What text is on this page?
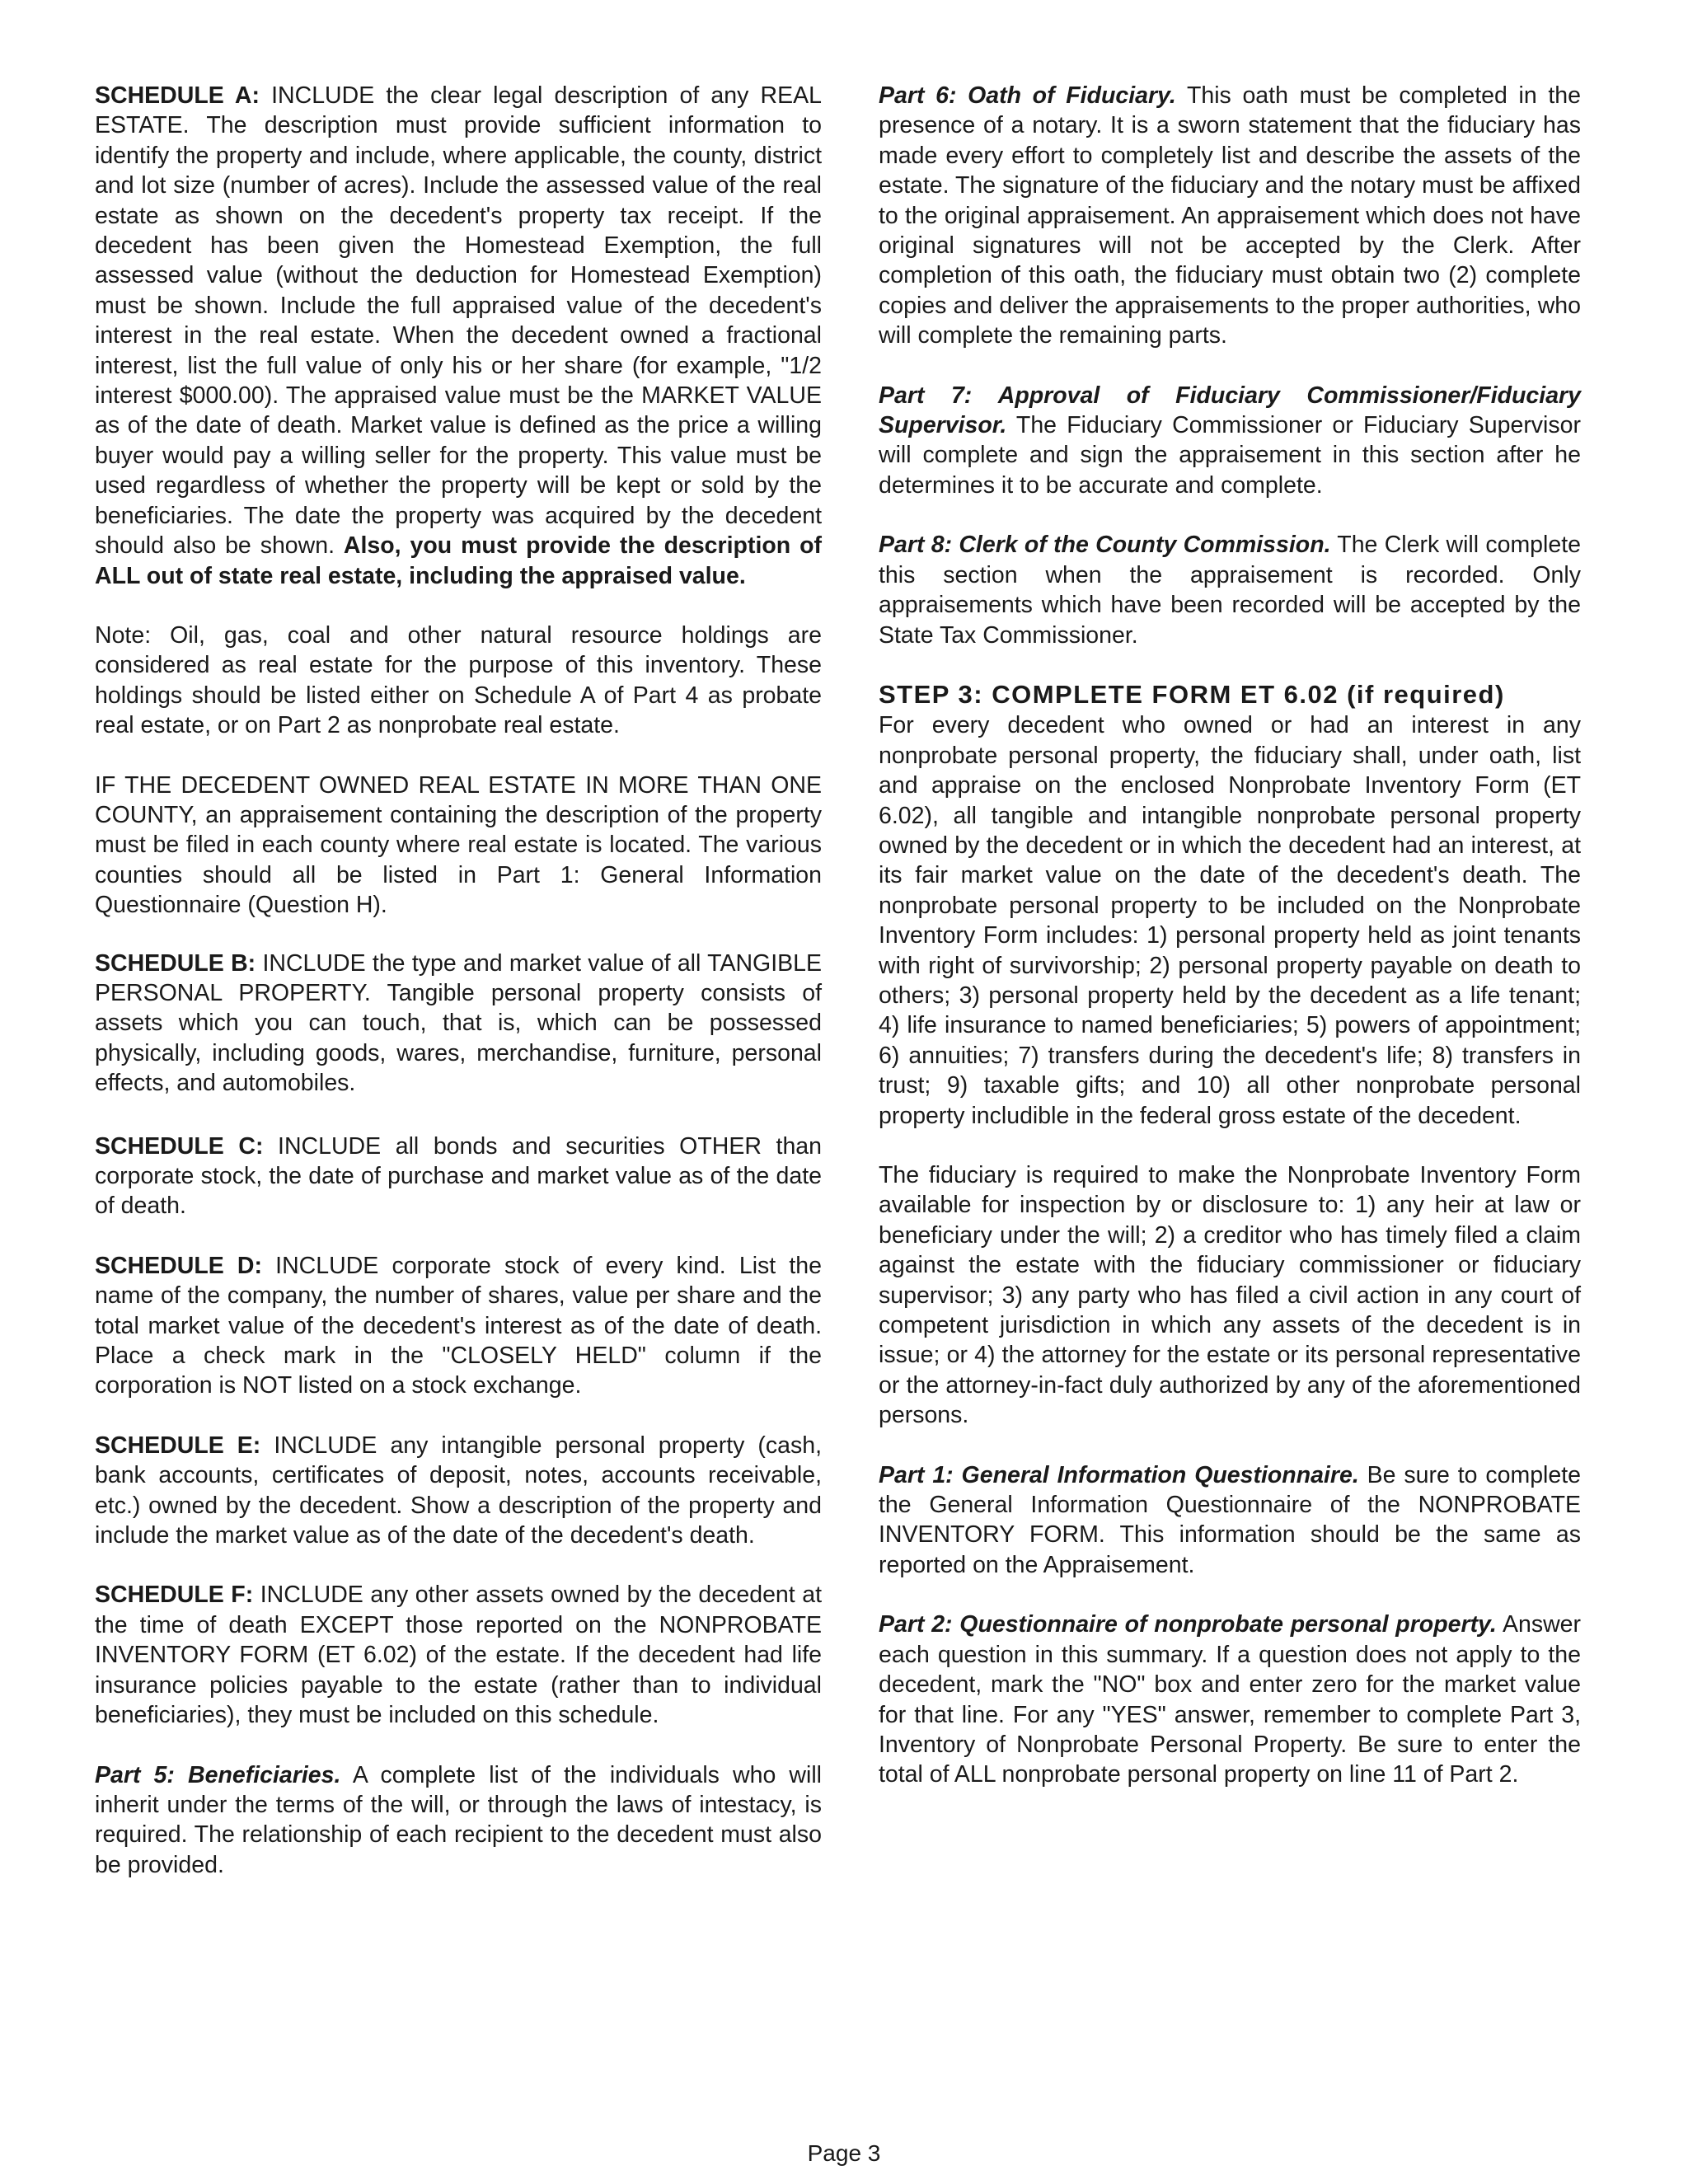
SCHEDULE A: INCLUDE the clear legal description of any REAL ESTATE. The description must provide sufficient information to identify the property and include, where applicable, the county, district and lot size (number of acres). Include the assessed value of the real estate as shown on the decedent's property tax receipt. If the decedent has been given the Homestead Exemption, the full assessed value (without the deduction for Homestead Exemption) must be shown. Include the full appraised value of the decedent's interest in the real estate. When the decedent owned a fractional interest, list the full value of only his or her share (for example, "1/2 interest $000.00). The appraised value must be the MARKET VALUE as of the date of death. Market value is defined as the price a willing buyer would pay a willing seller for the property. This value must be used regardless of whether the property will be kept or sold by the beneficiaries. The date the property was acquired by the decedent should also be shown. Also, you must provide the description of ALL out of state real estate, including the appraised value.

Note: Oil, gas, coal and other natural resource holdings are considered as real estate for the purpose of this inventory. These holdings should be listed either on Schedule A of Part 4 as probate real estate, or on Part 2 as nonprobate real estate.

IF THE DECEDENT OWNED REAL ESTATE IN MORE THAN ONE COUNTY, an appraisement containing the description of the property must be filed in each county where real estate is located. The various counties should all be listed in Part 1: General Information Questionnaire (Question H).

SCHEDULE B: INCLUDE the type and market value of all TANGIBLE PERSONAL PROPERTY. Tangible personal property consists of assets which you can touch, that is, which can be possessed physically, including goods, wares, merchandise, furniture, personal effects, and automobiles.

SCHEDULE C: INCLUDE all bonds and securities OTHER than corporate stock, the date of purchase and market value as of the date of death.

SCHEDULE D: INCLUDE corporate stock of every kind. List the name of the company, the number of shares, value per share and the total market value of the decedent's interest as of the date of death. Place a check mark in the "CLOSELY HELD" column if the corporation is NOT listed on a stock exchange.

SCHEDULE E: INCLUDE any intangible personal property (cash, bank accounts, certificates of deposit, notes, accounts receivable, etc.) owned by the decedent. Show a description of the property and include the market value as of the date of the decedent's death.

SCHEDULE F: INCLUDE any other assets owned by the decedent at the time of death EXCEPT those reported on the NONPROBATE INVENTORY FORM (ET 6.02) of the estate. If the decedent had life insurance policies payable to the estate (rather than to individual beneficiaries), they must be included on this schedule.

Part 5: Beneficiaries. A complete list of the individuals who will inherit under the terms of the will, or through the laws of intestacy, is required. The relationship of each recipient to the decedent must also be provided.

Part 6: Oath of Fiduciary. This oath must be completed in the presence of a notary. It is a sworn statement that the fiduciary has made every effort to completely list and describe the assets of the estate. The signature of the fiduciary and the notary must be affixed to the original appraisement. An appraisement which does not have original signatures will not be accepted by the Clerk. After completion of this oath, the fiduciary must obtain two (2) complete copies and deliver the appraisements to the proper authorities, who will complete the remaining parts.

Part 7: Approval of Fiduciary Commissioner/Fiduciary Supervisor. The Fiduciary Commissioner or Fiduciary Supervisor will complete and sign the appraisement in this section after he determines it to be accurate and complete.

Part 8: Clerk of the County Commission. The Clerk will complete this section when the appraisement is recorded. Only appraisements which have been recorded will be accepted by the State Tax Commissioner.

STEP 3: COMPLETE FORM ET 6.02 (if required)
For every decedent who owned or had an interest in any nonprobate personal property, the fiduciary shall, under oath, list and appraise on the enclosed Nonprobate Inventory Form (ET 6.02), all tangible and intangible nonprobate personal property owned by the decedent or in which the decedent had an interest, at its fair market value on the date of the decedent's death. The nonprobate personal property to be included on the Nonprobate Inventory Form includes: 1) personal property held as joint tenants with right of survivorship; 2) personal property payable on death to others; 3) personal property held by the decedent as a life tenant; 4) life insurance to named beneficiaries; 5) powers of appointment; 6) annuities; 7) transfers during the decedent's life; 8) transfers in trust; 9) taxable gifts; and 10) all other nonprobate personal property includible in the federal gross estate of the decedent.

The fiduciary is required to make the Nonprobate Inventory Form available for inspection by or disclosure to: 1) any heir at law or beneficiary under the will; 2) a creditor who has timely filed a claim against the estate with the fiduciary commissioner or fiduciary supervisor; 3) any party who has filed a civil action in any court of competent jurisdiction in which any assets of the decedent is in issue; or 4) the attorney for the estate or its personal representative or the attorney-in-fact duly authorized by any of the aforementioned persons.

Part 1: General Information Questionnaire. Be sure to complete the General Information Questionnaire of the NONPROBATE INVENTORY FORM. This information should be the same as reported on the Appraisement.

Part 2: Questionnaire of nonprobate personal property. Answer each question in this summary. If a question does not apply to the decedent, mark the "NO" box and enter zero for the market value for that line. For any "YES" answer, remember to complete Part 3, Inventory of Nonprobate Personal Property. Be sure to enter the total of ALL nonprobate personal property on line 11 of Part 2.

Page 3
